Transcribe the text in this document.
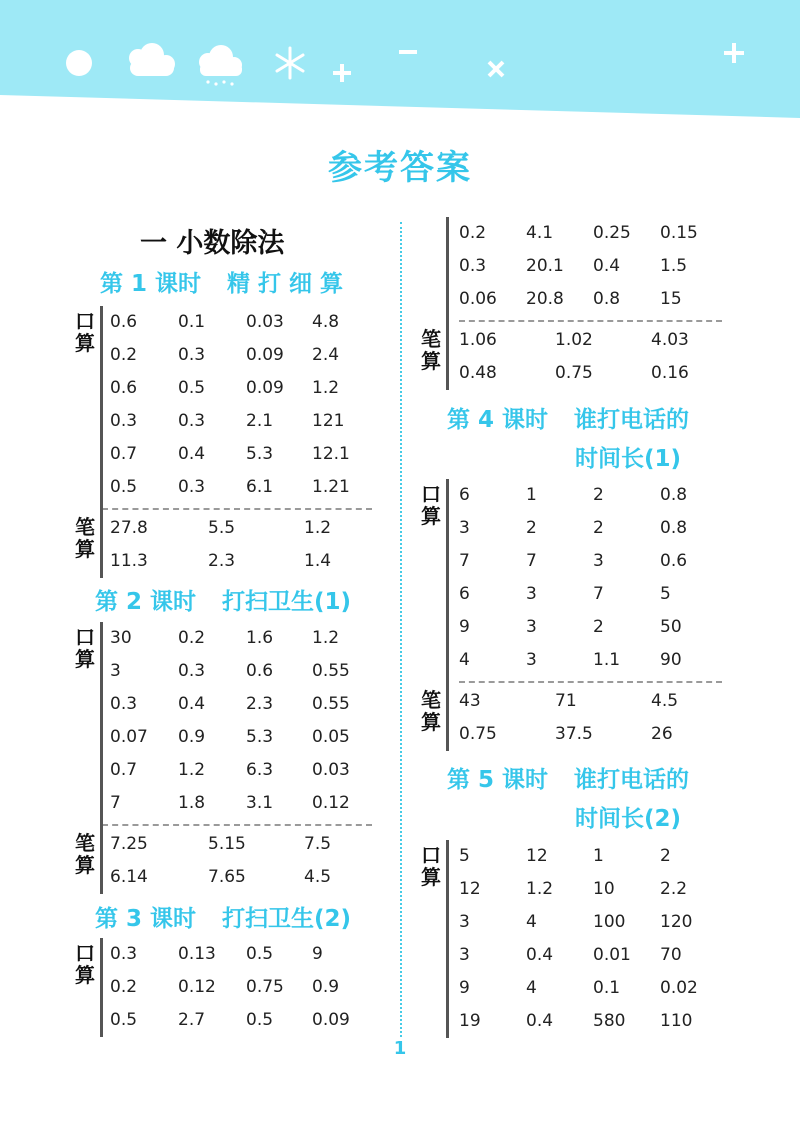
参考答案
一 小数除法
第 1 课时 精 打 细 算
口
算
0.6 0.1 0.03 4.8
0.2 0.3 0.09 2.4
0.6 0.5 0.09 1.2
0.3 0.3 2.1 121
0.7 0.4 5.3 12.1
0.5 0.3 6.1 1.21
笔
算
27.8	5.5	1.2
11.3	2.3	1.4
第 2 课时 打扫卫生(1)
口
算
30	0.2 1.6 1.2
3	0.3 0.6 0.55
0.3 0.4 2.3 0.55
0.07 0.9 5.3 0.05
0.7 1.2 6.3 0.03
7	1.8 3.1 0.12
笔
算
7.25	5.15	7.5
6.14	7.65	4.5
第 3 课时 打扫卫生(2)
口
算
0.3 0.13 0.5 9
0.2 0.12 0.75 0.9
0.5 2.7 0.5 0.09
0.2 4.1 0.25 0.15
0.3 20.1 0.4 1.5
0.06 20.8 0.8 15
笔
算
1.06	1.02	4.03
0.48	0.75	0.16
第 4 课时 谁打电话的
时间长(1)
口
算
6	1	2	0.8
3	2	2	0.8
7	7	3	0.6
6	3	7	5
9	3	2	50
4	3	1.1 90
笔
算
43	71	4.5
0.75	37.5	26
第 5 课时 谁打电话的
时间长(2)
口
算
5	12	1	2
12	1.2 10	2.2
3	4	100 120
3	0.4 0.01 70
9	4	0.1 0.02
19	0.4 580 110
1
